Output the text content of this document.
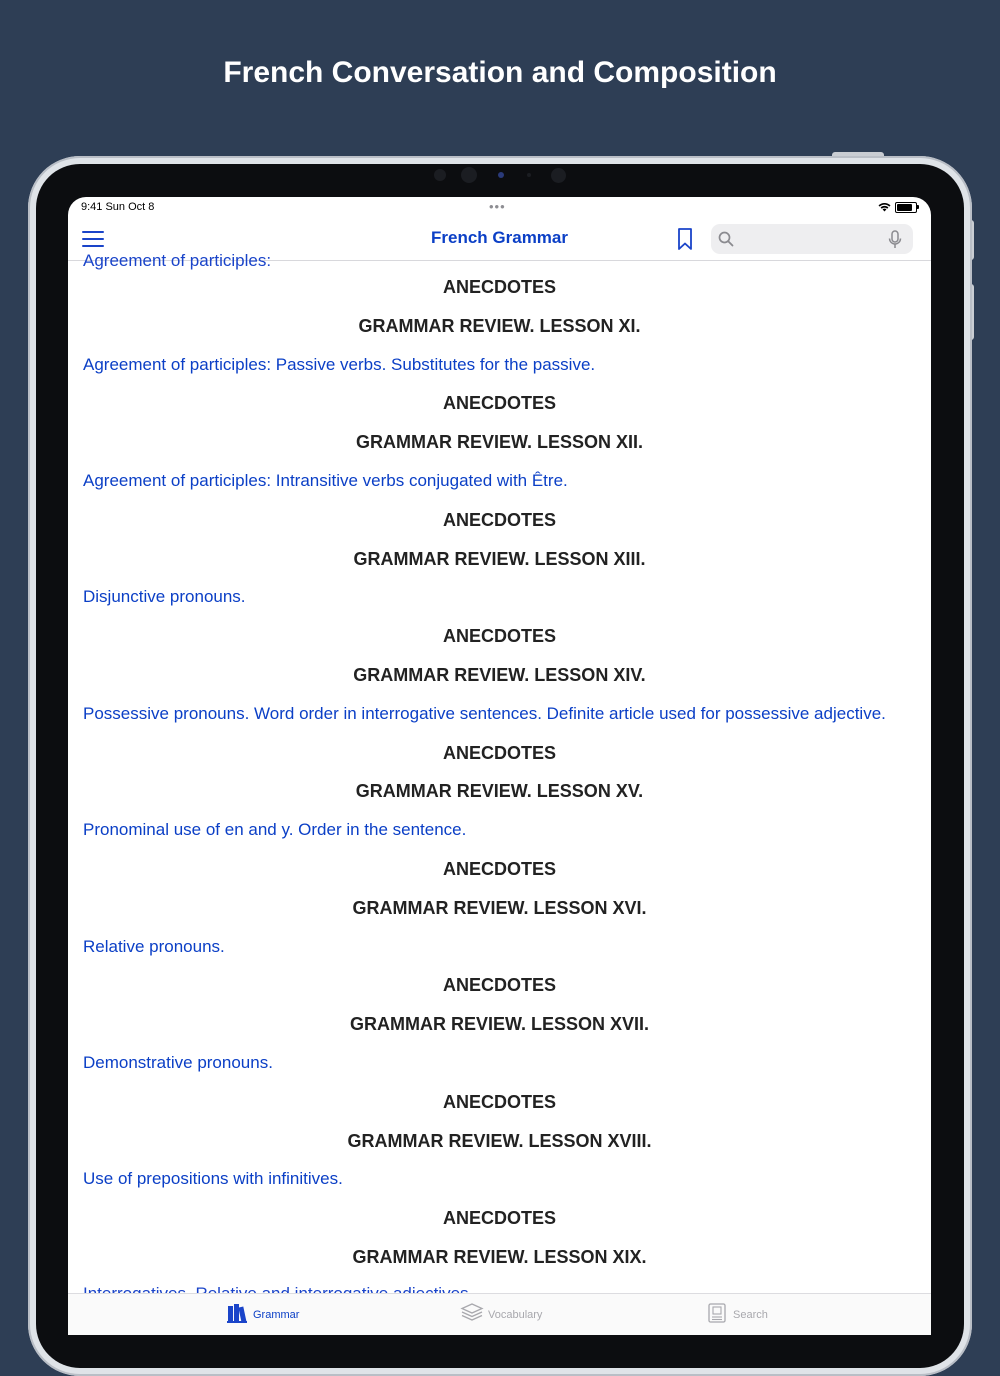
French Conversation and Composition
9:41 Sun Oct 8	•••
French Grammar
Agreement of participles:
ANECDOTES
GRAMMAR REVIEW. LESSON XI.
Agreement of participles: Passive verbs. Substitutes for the passive.
ANECDOTES
GRAMMAR REVIEW. LESSON XII.
Agreement of participles: Intransitive verbs conjugated with Être.
ANECDOTES
GRAMMAR REVIEW. LESSON XIII.
Disjunctive pronouns.
ANECDOTES
GRAMMAR REVIEW. LESSON XIV.
Possessive pronouns. Word order in interrogative sentences. Definite article used for possessive adjective.
ANECDOTES
GRAMMAR REVIEW. LESSON XV.
Pronominal use of en and y. Order in the sentence.
ANECDOTES
GRAMMAR REVIEW. LESSON XVI.
Relative pronouns.
ANECDOTES
GRAMMAR REVIEW. LESSON XVII.
Demonstrative pronouns.
ANECDOTES
GRAMMAR REVIEW. LESSON XVIII.
Use of prepositions with infinitives.
ANECDOTES
GRAMMAR REVIEW. LESSON XIX.
Grammar	Vocabulary	Search
